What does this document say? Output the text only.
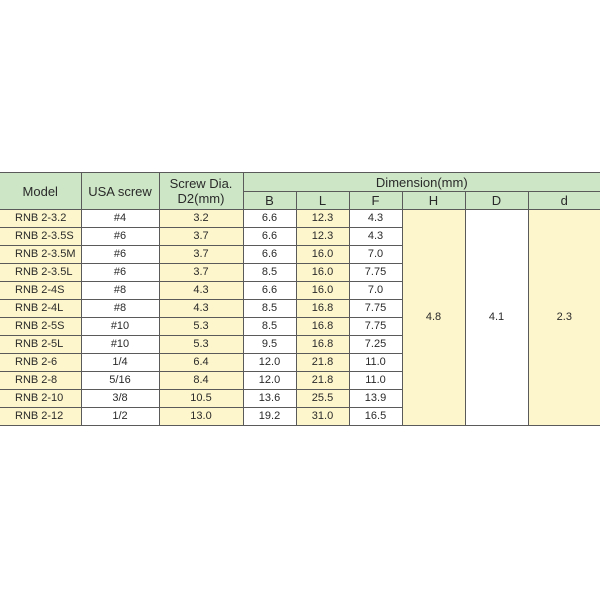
Model	USA screw	Screw Dia.
D2(mm)	Dimension(mm)					
			B	L	F	H	D	d
RNB 2-3.2	#4	3.2	6.6	12.3	4.3	4.8	4.1	2.3
RNB 2-3.5S	#6	3.7	6.6	12.3	4.3			
RNB 2-3.5M	#6	3.7	6.6	16.0	7.0			
RNB 2-3.5L	#6	3.7	8.5	16.0	7.75			
RNB 2-4S	#8	4.3	6.6	16.0	7.0			
RNB 2-4L	#8	4.3	8.5	16.8	7.75			
RNB 2-5S	#10	5.3	8.5	16.8	7.75			
RNB 2-5L	#10	5.3	9.5	16.8	7.25			
RNB 2-6	1/4	6.4	12.0	21.8	11.0			
RNB 2-8	5/16	8.4	12.0	21.8	11.0			
RNB 2-10	3/8	10.5	13.6	25.5	13.9			
RNB 2-12	1/2	13.0	19.2	31.0	16.5			
